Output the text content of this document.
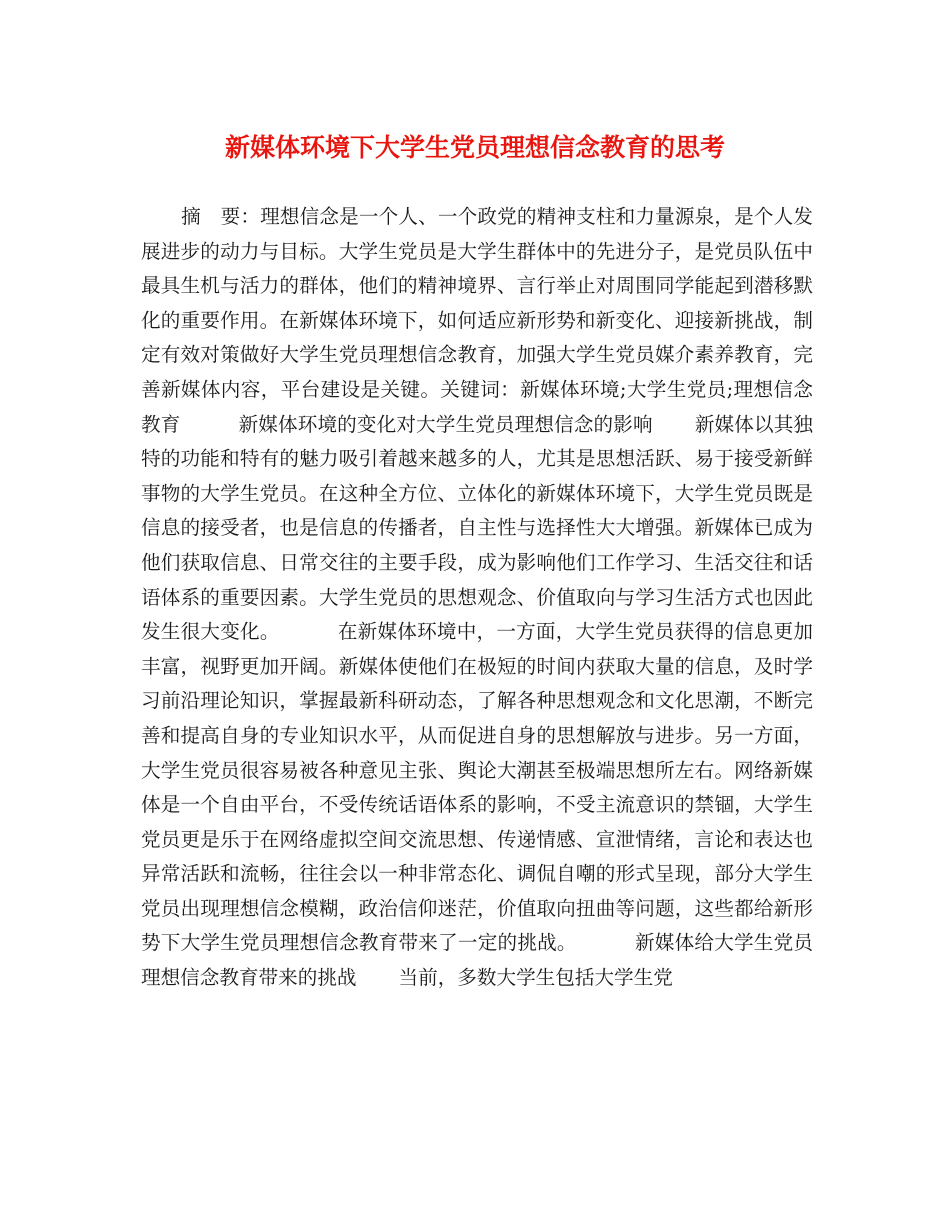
新媒体环境下大学生党员理想信念教育的思考

摘　要：理想信念是一个人、一个政党的精神支柱和力量源泉，是个人发展进步的动力与目标。大学生党员是大学生群体中的先进分子，是党员队伍中最具生机与活力的群体，他们的精神境界、言行举止对周围同学能起到潜移默化的重要作用。在新媒体环境下，如何适应新形势和新变化、迎接新挑战，制定有效对策做好大学生党员理想信念教育，加强大学生党员媒介素养教育，完善新媒体内容，平台建设是关键。关键词：新媒体环境;大学生党员;理想信念教育	新媒体环境的变化对大学生党员理想信念的影响 新媒体以其独特的功能和特有的魅力吸引着越来越多的人，尤其是思想活跃、易于接受新鲜事物的大学生党员。在这种全方位、立体化的新媒体环境下，大学生党员既是信息的接受者，也是信息的传播者，自主性与选择性大大增强。新媒体已成为他们获取信息、日常交往的主要手段，成为影响他们工作学习、生活交往和话语体系的重要因素。大学生党员的思想观念、价值取向与学习生活方式也因此发生很大变化。	在新媒体环境中，一方面，大学生党员获得的信息更加丰富，视野更加开阔。新媒体使他们在极短的时间内获取大量的信息，及时学习前沿理论知识，掌握最新科研动态，了解各种思想观念和文化思潮，不断完善和提高自身的专业知识水平，从而促进自身的思想解放与进步。另一方面，大学生党员很容易被各种意见主张、舆论大潮甚至极端思想所左右。网络新媒体是一个自由平台，不受传统话语体系的影响，不受主流意识的禁锢，大学生党员更是乐于在网络虚拟空间交流思想、传递情感、宣泄情绪，言论和表达也异常活跃和流畅，往往会以一种非常态化、调侃自嘲的形式呈现，部分大学生党员出现理想信念模糊，政治信仰迷茫，价值取向扭曲等问题，这些都给新形势下大学生党员理想信念教育带来了一定的挑战。	新媒体给大学生党员理想信念教育带来的挑战 当前，多数大学生包括大学生党
